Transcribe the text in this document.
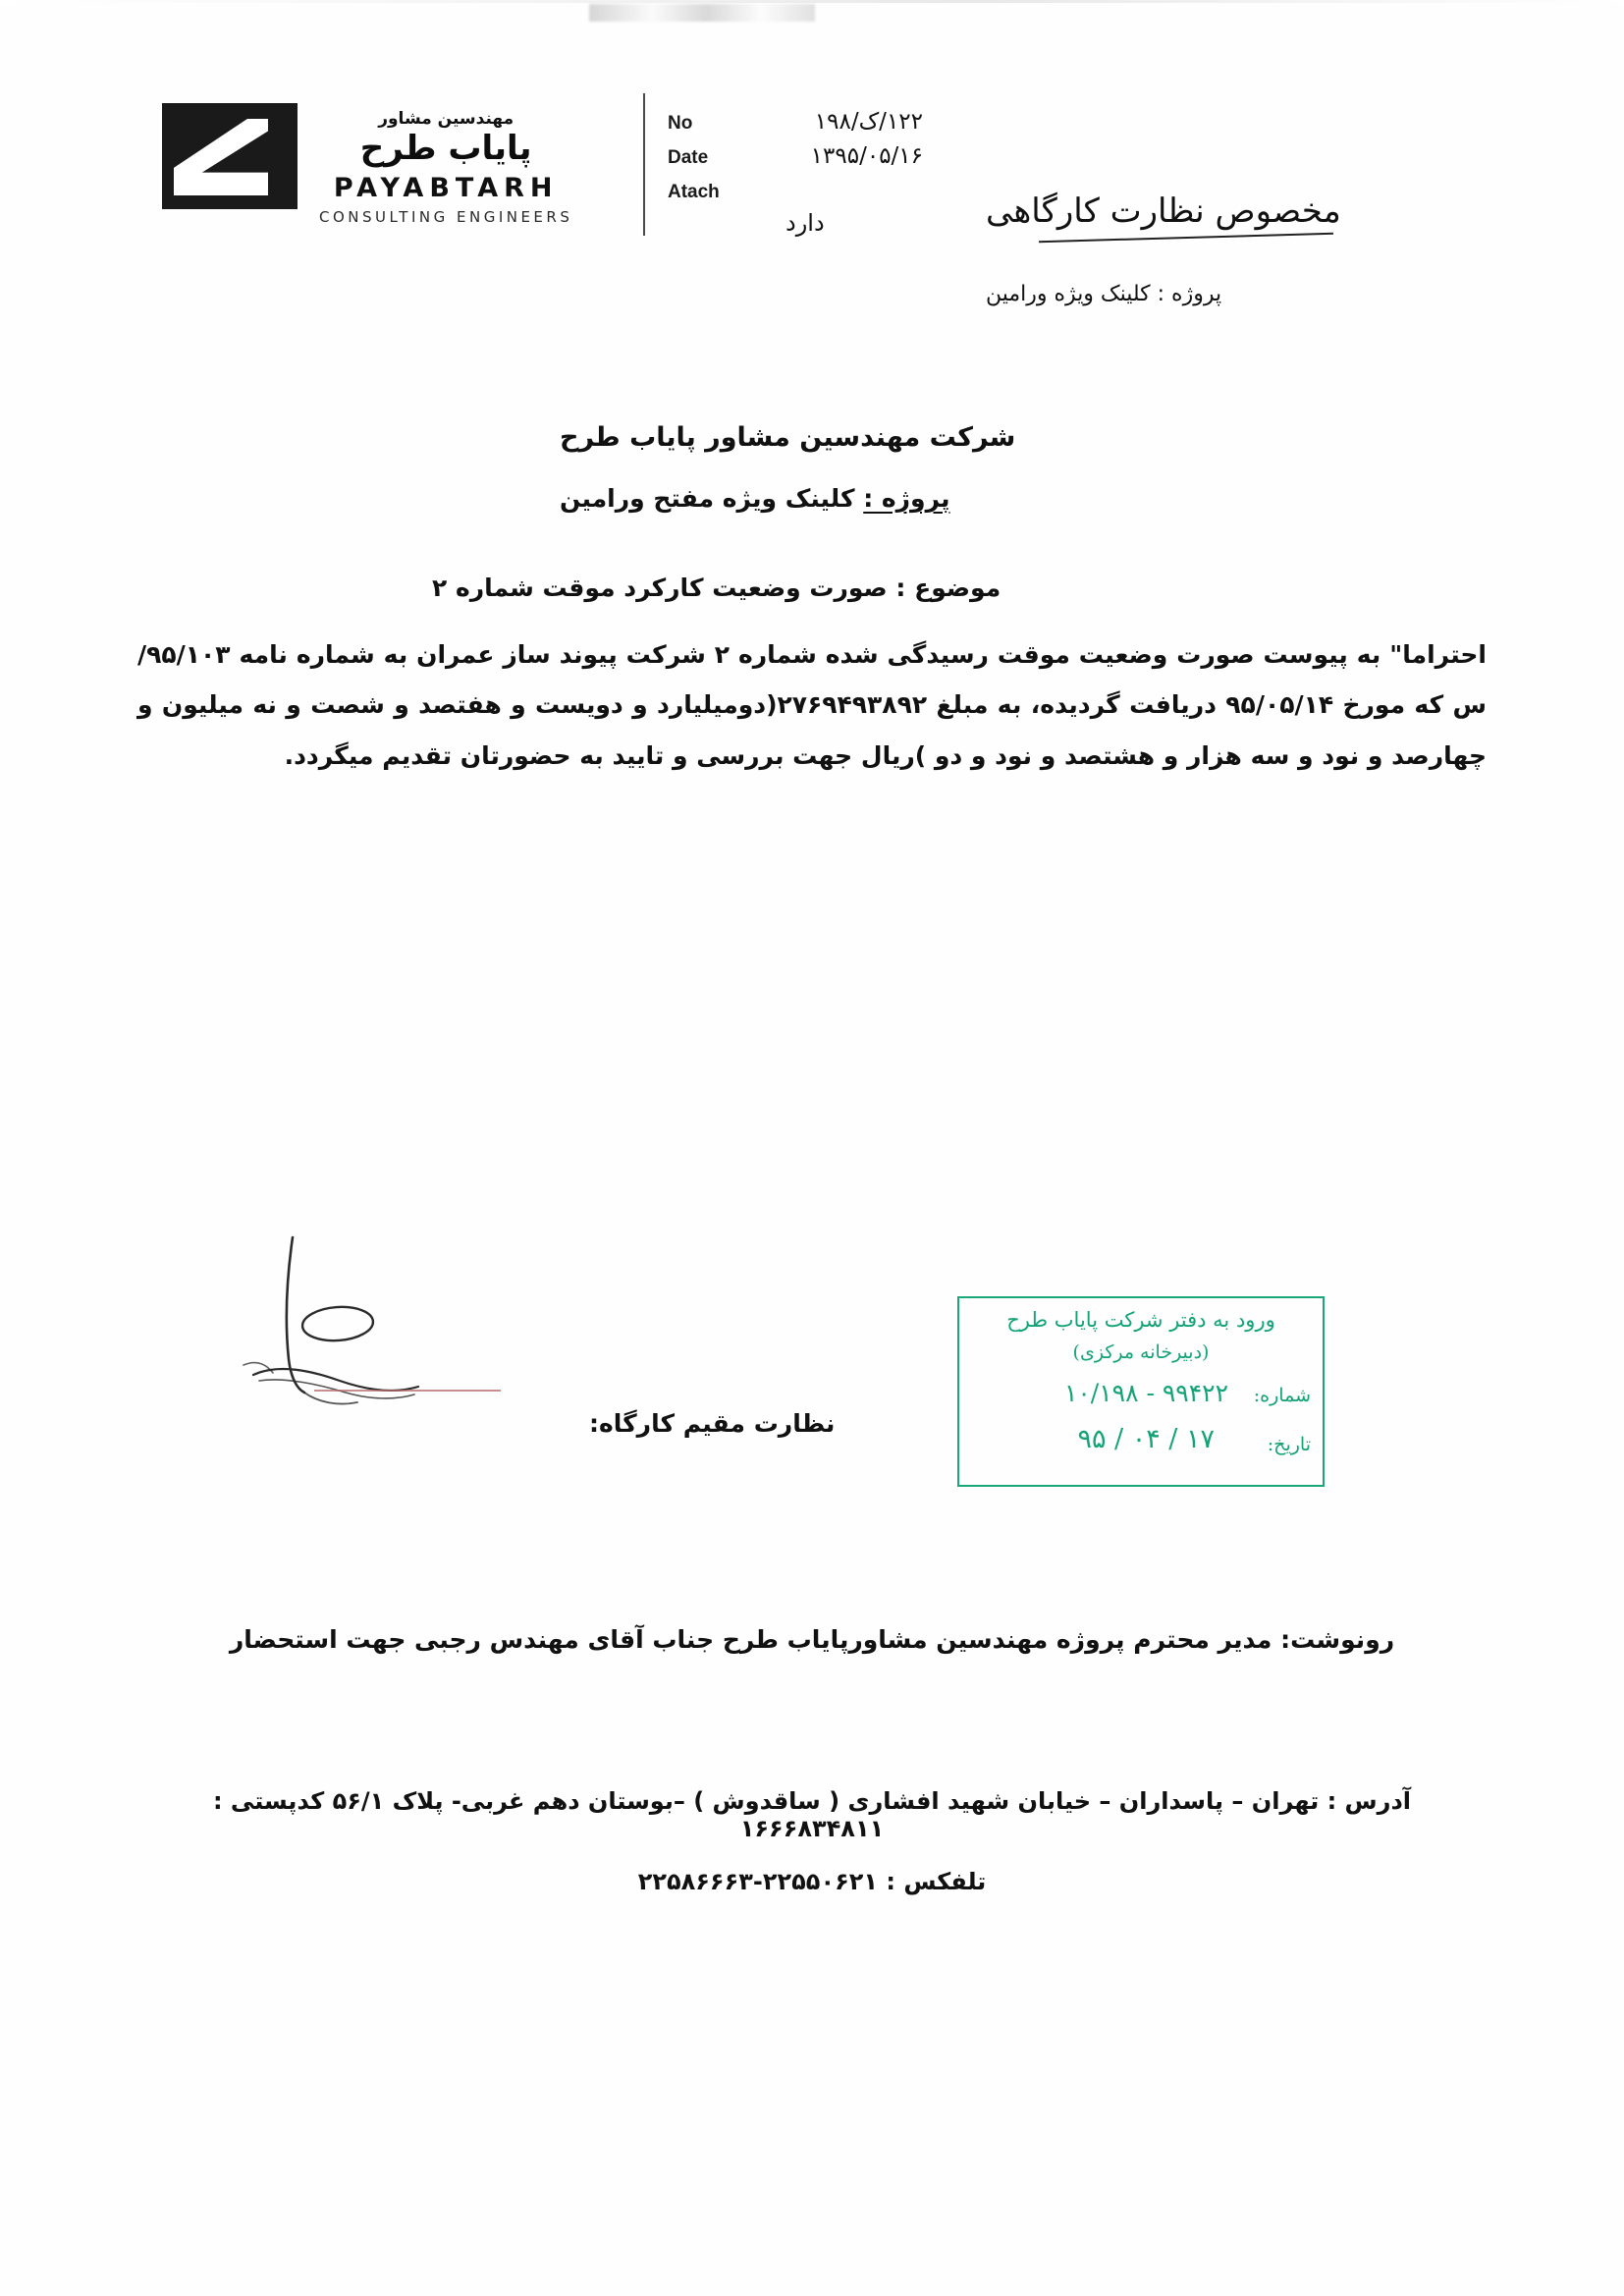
مهندسین مشاور
پایاب طرح
PAYABTARH
CONSULTING ENGINEERS
No	۱۲۲/ک/۱۹۸
Date	۱۳۹۵/۰۵/۱۶
Atach
دارد	مخصوص نظارت کارگاهی
پروژه : کلینک ویژه ورامین
شرکت مهندسین مشاور پایاب طرح
پروژه : کلینک ویژه مفتح ورامین
موضوع : صورت وضعیت کارکرد موقت شماره ۲
احتراما" به پیوست صورت وضعیت موقت رسیدگی شده شماره ۲ شرکت پیوند ساز عمران به شماره نامه ۹۵/۱۰۳/س که مورخ ۹۵/۰۵/۱۴ دریافت گردیده، به مبلغ ۲۷۶۹۴۹۳۸۹۲(دومیلیارد و دویست و هفتصد و شصت و نه میلیون و چهارصد و نود و سه هزار و هشتصد و نود و دو )ریال جهت بررسی و تایید به حضورتان تقدیم میگردد.
نظارت مقیم کارگاه:
ورود به دفتر شرکت پایاب طرح
(دبیرخانه مرکزی)
شماره:
۱۰/۱۹۸ - ۹۹۴۲۲
تاریخ:
۹۵ / ۰۴ / ۱۷
رونوشت: مدیر محترم پروژه مهندسین مشاورپایاب طرح جناب آقای مهندس رجبی جهت استحضار
آدرس : تهران – پاسداران – خیابان شهید افشاری ( ساقدوش ) –بوستان دهم غربی- پلاک ۵۶/۱ کدپستی : ۱۶۶۶۸۳۴۸۱۱
تلفکس : ۲۲۵۵۰۶۲۱-۲۲۵۸۶۶۶۳
